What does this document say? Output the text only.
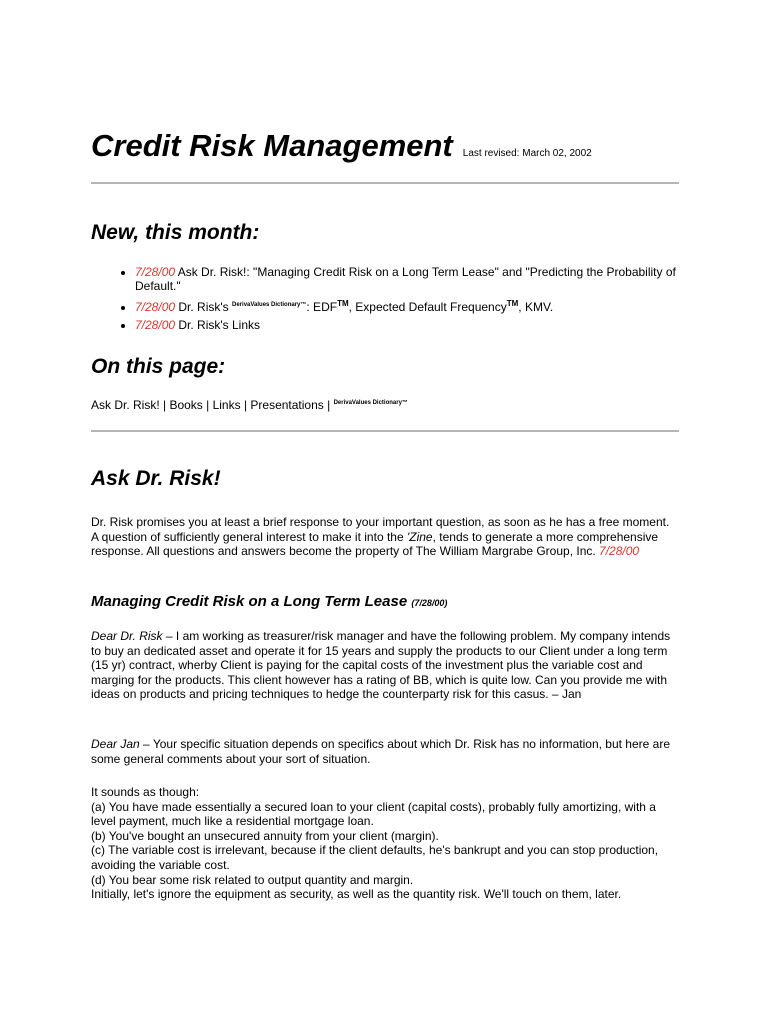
Credit Risk Management Last revised: March 02, 2002
New, this month:
• 7/28/00 Ask Dr. Risk!: "Managing Credit Risk on a Long Term Lease" and "Predicting the Probability of Default."
• 7/28/00 Dr. Risk's $^{DerivaValues Dictionary™}$: EDF™, Expected Default Frequency™, KMV.
• 7/28/00 Dr. Risk's Links
On this page:
Ask Dr. Risk! | Books | Links | Presentations | $^{DerivaValues Dictionary™}$
Ask Dr. Risk!

Dr. Risk promises you at least a brief response to your important question, as soon as he has a free moment. A question of sufficiently general interest to make it into the 'Zine, tends to generate a more comprehensive response. All questions and answers become the property of The William Margrabe Group, Inc. 7/28/00

Managing Credit Risk on a Long Term Lease (7/28/00)

Dear Dr. Risk – I am working as treasurer/risk manager and have the following problem. My company intends to buy an dedicated asset and operate it for 15 years and supply the products to our Client under a long term (15 yr) contract, wherby Client is paying for the capital costs of the investment plus the variable cost and marging for the products. This client however has a rating of BB, which is quite low. Can you provide me with ideas on products and pricing techniques to hedge the counterparty risk for this casus. – Jan

Dear Jan – Your specific situation depends on specifics about which Dr. Risk has no information, but here are some general comments about your sort of situation.

It sounds as though:
(a) You have made essentially a secured loan to your client (capital costs), probably fully amortizing, with a level payment, much like a residential mortgage loan.
(b) You've bought an unsecured annuity from your client (margin).
(c) The variable cost is irrelevant, because if the client defaults, he's bankrupt and you can stop production, avoiding the variable cost.
(d) You bear some risk related to output quantity and margin.
Initially, let's ignore the equipment as security, as well as the quantity risk. We'll touch on them, later.
